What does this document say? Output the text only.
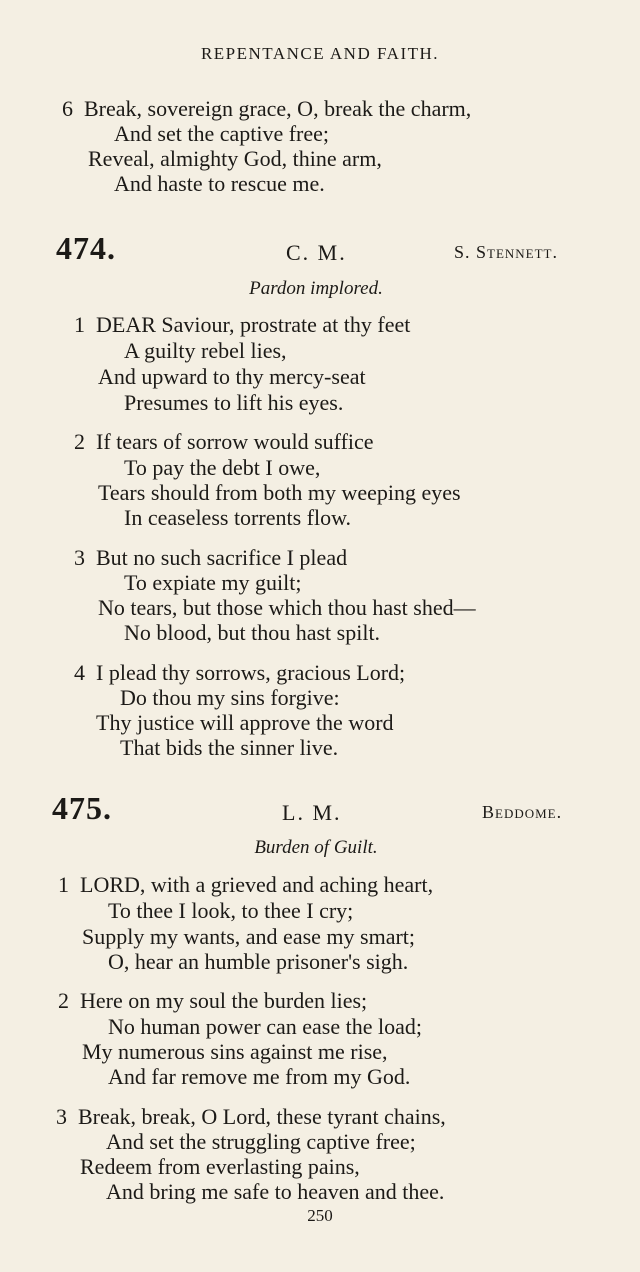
REPENTANCE AND FAITH.
6 Break, sovereign grace, O, break the charm,
And set the captive free;
Reveal, almighty God, thine arm,
And haste to rescue me.
474.	C. M.	S. Stennett.
Pardon implored.
1 DEAR Saviour, prostrate at thy feet
A guilty rebel lies,
And upward to thy mercy-seat
Presumes to lift his eyes.
2 If tears of sorrow would suffice
To pay the debt I owe,
Tears should from both my weeping eyes
In ceaseless torrents flow.
3 But no such sacrifice I plead
To expiate my guilt;
No tears, but those which thou hast shed—
No blood, but thou hast spilt.
4 I plead thy sorrows, gracious Lord;
Do thou my sins forgive:
Thy justice will approve the word
That bids the sinner live.
475.	L. M.	Beddome.
Burden of Guilt.
1 LORD, with a grieved and aching heart,
To thee I look, to thee I cry;
Supply my wants, and ease my smart;
O, hear an humble prisoner's sigh.
2 Here on my soul the burden lies;
No human power can ease the load;
My numerous sins against me rise,
And far remove me from my God.
3 Break, break, O Lord, these tyrant chains,
And set the struggling captive free;
Redeem from everlasting pains,
And bring me safe to heaven and thee.
250
